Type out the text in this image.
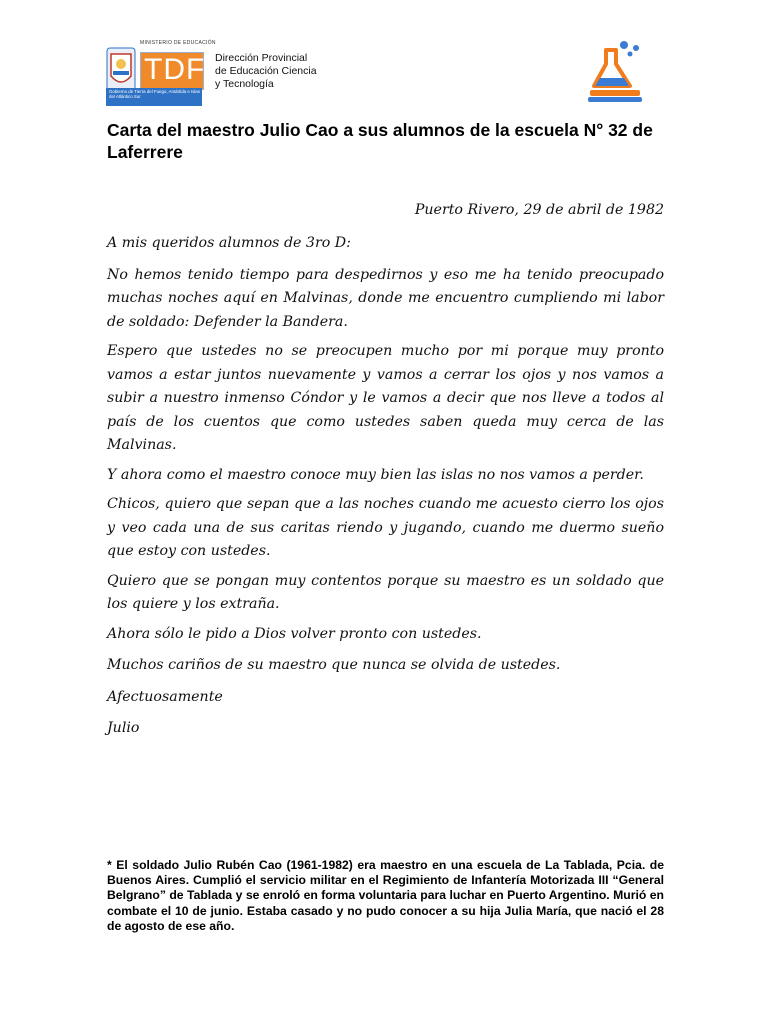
MINISTERIO DE EDUCACIÓN
TDF
Gobierno de Tierra del Fuego, Antártida e Islas del Atlántico Sur
Dirección Provincial
de Educación Ciencia
y Tecnología
Carta del maestro Julio Cao a sus alumnos de la escuela N° 32 de Laferrere

Puerto Rivero, 29 de abril de 1982

A mis queridos alumnos de 3ro D:

No hemos tenido tiempo para despedirnos y eso me ha tenido preocupado muchas noches aquí en Malvinas, donde me encuentro cumpliendo mi labor de soldado: Defender la Bandera.

Espero que ustedes no se preocupen mucho por mi porque muy pronto vamos a estar juntos nuevamente y vamos a cerrar los ojos y nos vamos a subir a nuestro inmenso Cóndor y le vamos a decir que nos lleve a todos al país de los cuentos que como ustedes saben queda muy cerca de las Malvinas.

Y ahora como el maestro conoce muy bien las islas no nos vamos a perder.

Chicos, quiero que sepan que a las noches cuando me acuesto cierro los ojos y veo cada una de sus caritas riendo y jugando, cuando me duermo sueño que estoy con ustedes.

Quiero que se pongan muy contentos porque su maestro es un soldado que los quiere y los extraña.

Ahora sólo le pido a Dios volver pronto con ustedes.

Muchos cariños de su maestro que nunca se olvida de ustedes.

Afectuosamente

Julio

* El soldado Julio Rubén Cao (1961-1982) era maestro en una escuela de La Tablada, Pcia. de Buenos Aires. Cumplió el servicio militar en el Regimiento de Infantería Motorizada III “General Belgrano” de Tablada y se enroló en forma voluntaria para luchar en Puerto Argentino. Murió en combate el 10 de junio. Estaba casado y no pudo conocer a su hija Julia María, que nació el 28 de agosto de ese año.
